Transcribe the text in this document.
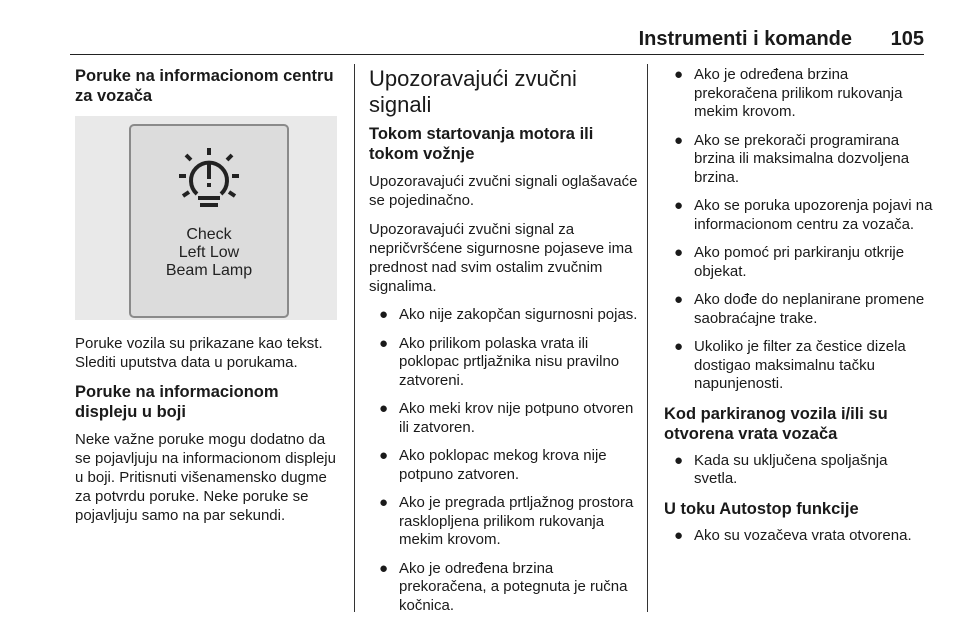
Instrumenti i komande 105
Poruke na informacionom centru za vozača
Check
Left Low
Beam Lamp

Poruke vozila su prikazane kao tekst. Slediti uputstva data u porukama.

Poruke na informacionom displeju u boji

Neke važne poruke mogu dodatno da se pojavljuju na informacionom displeju u boji. Pritisnuti višenamensko dugme za potvrdu poruke. Neke poruke se pojavljuju samo na par sekundi.

Upozoravajući zvučni signali
Tokom startovanja motora ili tokom vožnje

Upozoravajući zvučni signali oglašavaće se pojedinačno.

Upozoravajući zvučni signal za nepričvršćene sigurnosne pojaseve ima prednost nad svim ostalim zvučnim signalima.

● Ako nije zakopčan sigurnosni pojas.
● Ako prilikom polaska vrata ili poklopac prtljažnika nisu pravilno zatvoreni.
● Ako meki krov nije potpuno otvoren ili zatvoren.
● Ako poklopac mekog krova nije potpuno zatvoren.
● Ako je pregrada prtljažnog prostora rasklopljena prilikom rukovanja mekim krovom.
● Ako je određena brzina prekoračena, a potegnuta je ručna kočnica.
● Ako je određena brzina prekoračena prilikom rukovanja mekim krovom.
● Ako se prekorači programirana brzina ili maksimalna dozvoljena brzina.
● Ako se poruka upozorenja pojavi na informacionom centru za vozača.
● Ako pomoć pri parkiranju otkrije objekat.
● Ako dođe do neplanirane promene saobraćajne trake.
● Ukoliko je filter za čestice dizela dostigao maksimalnu tačku napunjenosti.
Kod parkiranog vozila i/ili su otvorena vrata vozača
● Kada su uključena spoljašnja svetla.
U toku Autostop funkcije
● Ako su vozačeva vrata otvorena.
